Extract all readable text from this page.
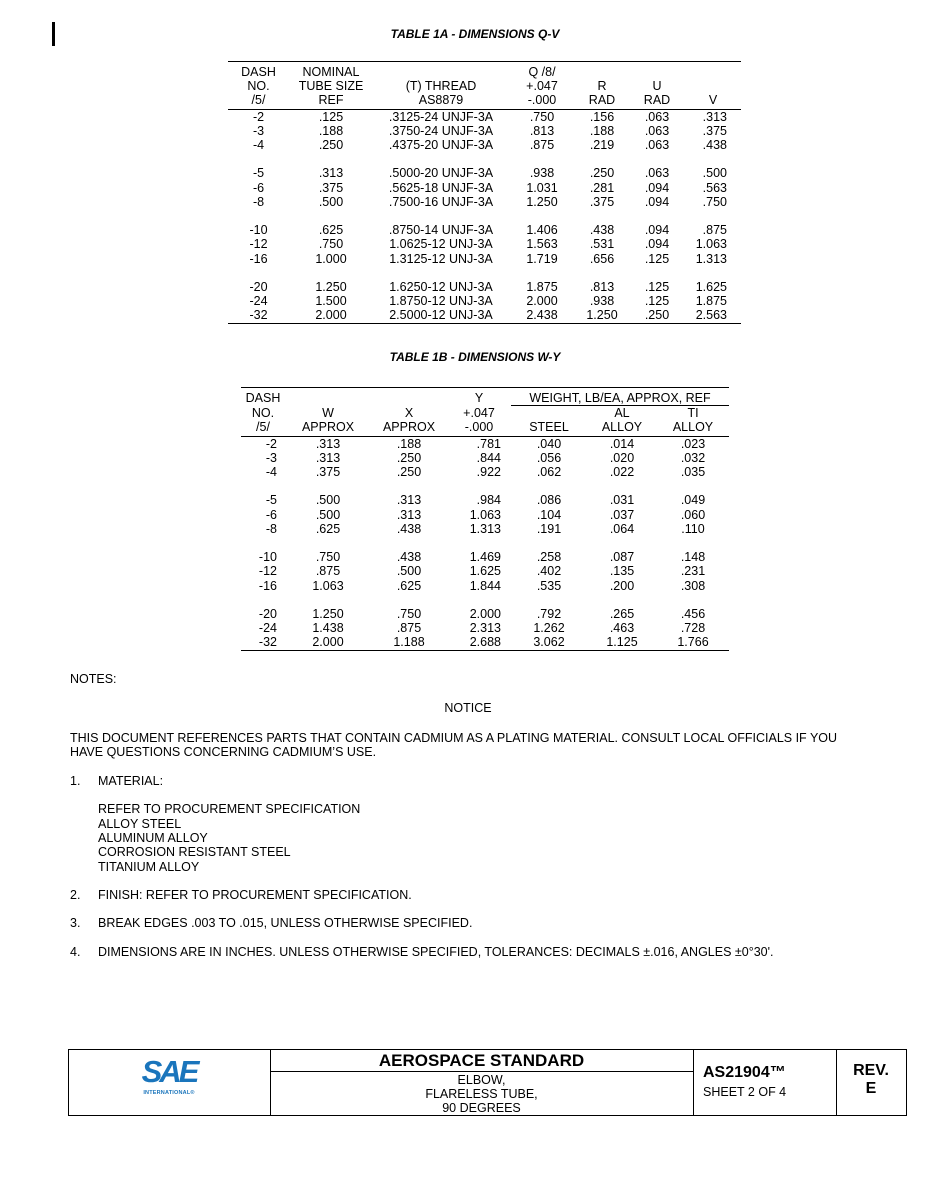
TABLE 1A - DIMENSIONS Q-V
DASH	NOMINAL		Q /8/			
NO.	TUBE SIZE	(T) THREAD	+.047	R	U	
/5/	REF	AS8879	-.000	RAD	RAD	V
-2	.125	.3125-24 UNJF-3A	.750	.156	.063	.313
-3	.188	.3750-24 UNJF-3A	.813	.188	.063	.375
-4	.250	.4375-20 UNJF-3A	.875	.219	.063	.438

-5	.313	.5000-20 UNJF-3A	.938	.250	.063	.500
-6	.375	.5625-18 UNJF-3A	1.031	.281	.094	.563
-8	.500	.7500-16 UNJF-3A	1.250	.375	.094	.750

-10	.625	.8750-14 UNJF-3A	1.406	.438	.094	.875
-12	.750	1.0625-12 UNJ-3A	1.563	.531	.094	1.063
-16	1.000	1.3125-12 UNJ-3A	1.719	.656	.125	1.313

-20	1.250	1.6250-12 UNJ-3A	1.875	.813	.125	1.625
-24	1.500	1.8750-12 UNJ-3A	2.000	.938	.125	1.875
-32	2.000	2.5000-12 UNJ-3A	2.438	1.250	.250	2.563
TABLE 1B - DIMENSIONS W-Y
DASH			Y	WEIGHT, LB/EA, APPROX, REF		
NO.	W	X	+.047		AL	TI
/5/	APPROX	APPROX	-.000	STEEL	ALLOY	ALLOY
-2	.313	.188	.781	.040	.014	.023
-3	.313	.250	.844	.056	.020	.032
-4	.375	.250	.922	.062	.022	.035

-5	.500	.313	.984	.086	.031	.049
-6	.500	.313	1.063	.104	.037	.060
-8	.625	.438	1.313	.191	.064	.110

-10	.750	.438	1.469	.258	.087	.148
-12	.875	.500	1.625	.402	.135	.231
-16	1.063	.625	1.844	.535	.200	.308

-20	1.250	.750	2.000	.792	.265	.456
-24	1.438	.875	2.313	1.262	.463	.728
-32	2.000	1.188	2.688	3.062	1.125	1.766
NOTES:
NOTICE
THIS DOCUMENT REFERENCES PARTS THAT CONTAIN CADMIUM AS A PLATING MATERIAL. CONSULT LOCAL OFFICIALS IF YOU
HAVE QUESTIONS CONCERNING CADMIUM’S USE.
1. MATERIAL:
REFER TO PROCUREMENT SPECIFICATION
ALLOY STEEL
ALUMINUM ALLOY
CORROSION RESISTANT STEEL
TITANIUM ALLOY
2. FINISH: REFER TO PROCUREMENT SPECIFICATION.
3. BREAK EDGES .003 TO .015, UNLESS OTHERWISE SPECIFIED.
4. DIMENSIONS ARE IN INCHES. UNLESS OTHERWISE SPECIFIED, TOLERANCES: DECIMALS ±.016, ANGLES ±0°30'.
SAE
INTERNATIONAL®
AEROSPACE STANDARD
ELBOW,
FLARELESS TUBE,
90 DEGREES
AS21904™
SHEET 2 OF 4
REV.
E
